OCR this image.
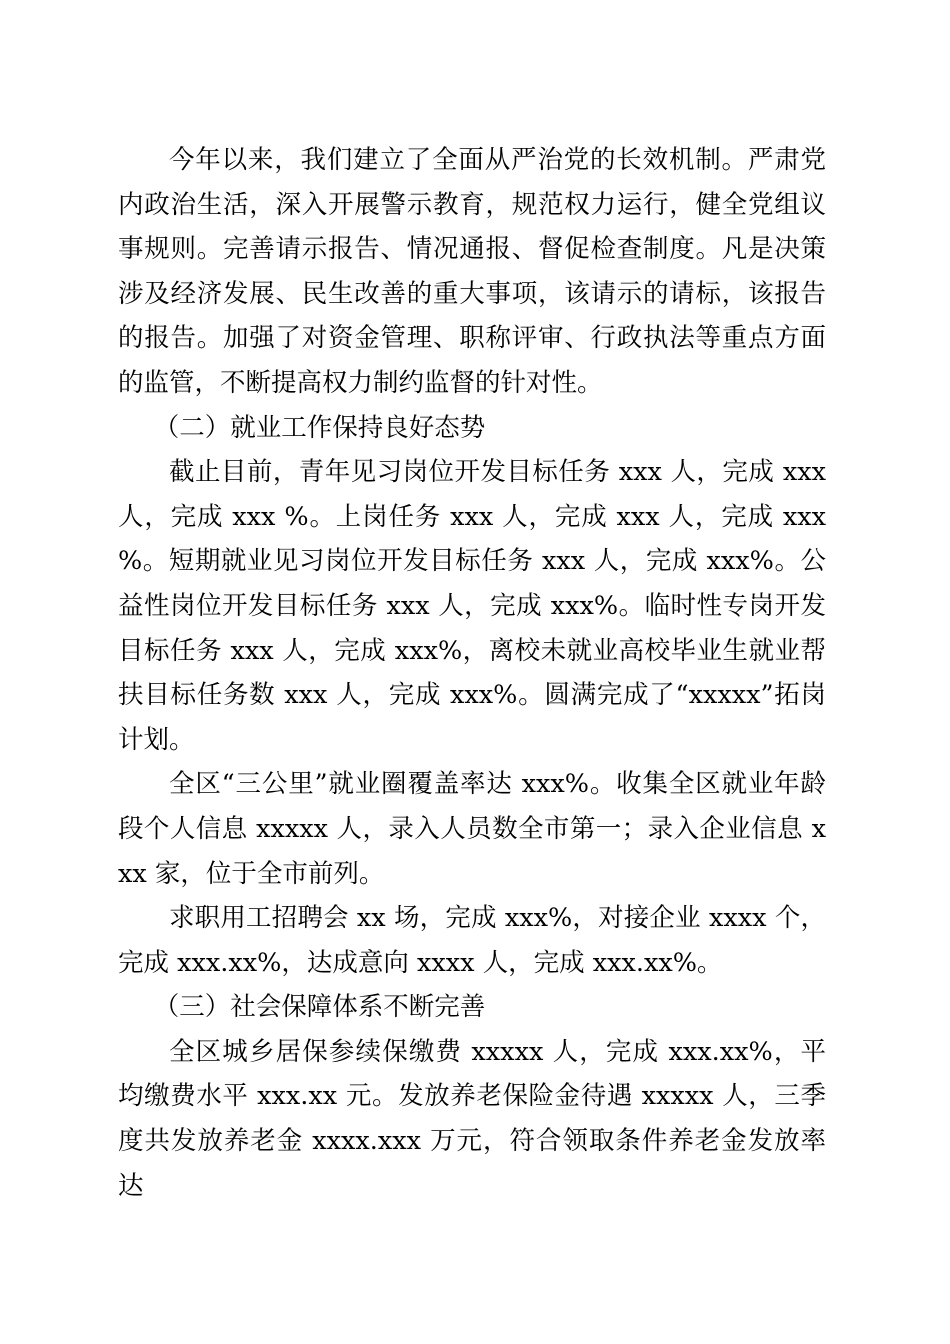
今年以来，我们建立了全面从严治党的长效机制。严肃党内政治生活，深入开展警示教育，规范权力运行，健全党组议事规则。完善请示报告、情况通报、督促检查制度。凡是决策涉及经济发展、民生改善的重大事项，该请示的请标，该报告的报告。加强了对资金管理、职称评审、行政执法等重点方面的监管，不断提高权力制约监督的针对性。

（二）就业工作保持良好态势

截止目前，青年见习岗位开发目标任务 xxx 人，完成 xxx 人，完成 xxx %。上岗任务 xxx 人，完成 xxx 人，完成 xxx %。短期就业见习岗位开发目标任务 xxx 人，完成 xxx%。公益性岗位开发目标任务 xxx 人，完成 xxx%。临时性专岗开发目标任务 xxx 人，完成 xxx%，离校未就业高校毕业生就业帮扶目标任务数 xxx 人，完成 xxx%。圆满完成了“xxxxx”拓岗计划。

全区“三公里”就业圈覆盖率达 xxx%。收集全区就业年龄段个人信息 xxxxx 人，录入人员数全市第一；录入企业信息 xxx 家，位于全市前列。

求职用工招聘会 xx 场，完成 xxx%，对接企业 xxxx 个，完成 xxx.xx%，达成意向 xxxx 人，完成 xxx.xx%。

（三）社会保障体系不断完善

全区城乡居保参续保缴费 xxxxx 人，完成 xxx.xx%，平均缴费水平 xxx.xx 元。发放养老保险金待遇 xxxxx 人，三季度共发放养老金 xxxx.xxx 万元，符合领取条件养老金发放率达
